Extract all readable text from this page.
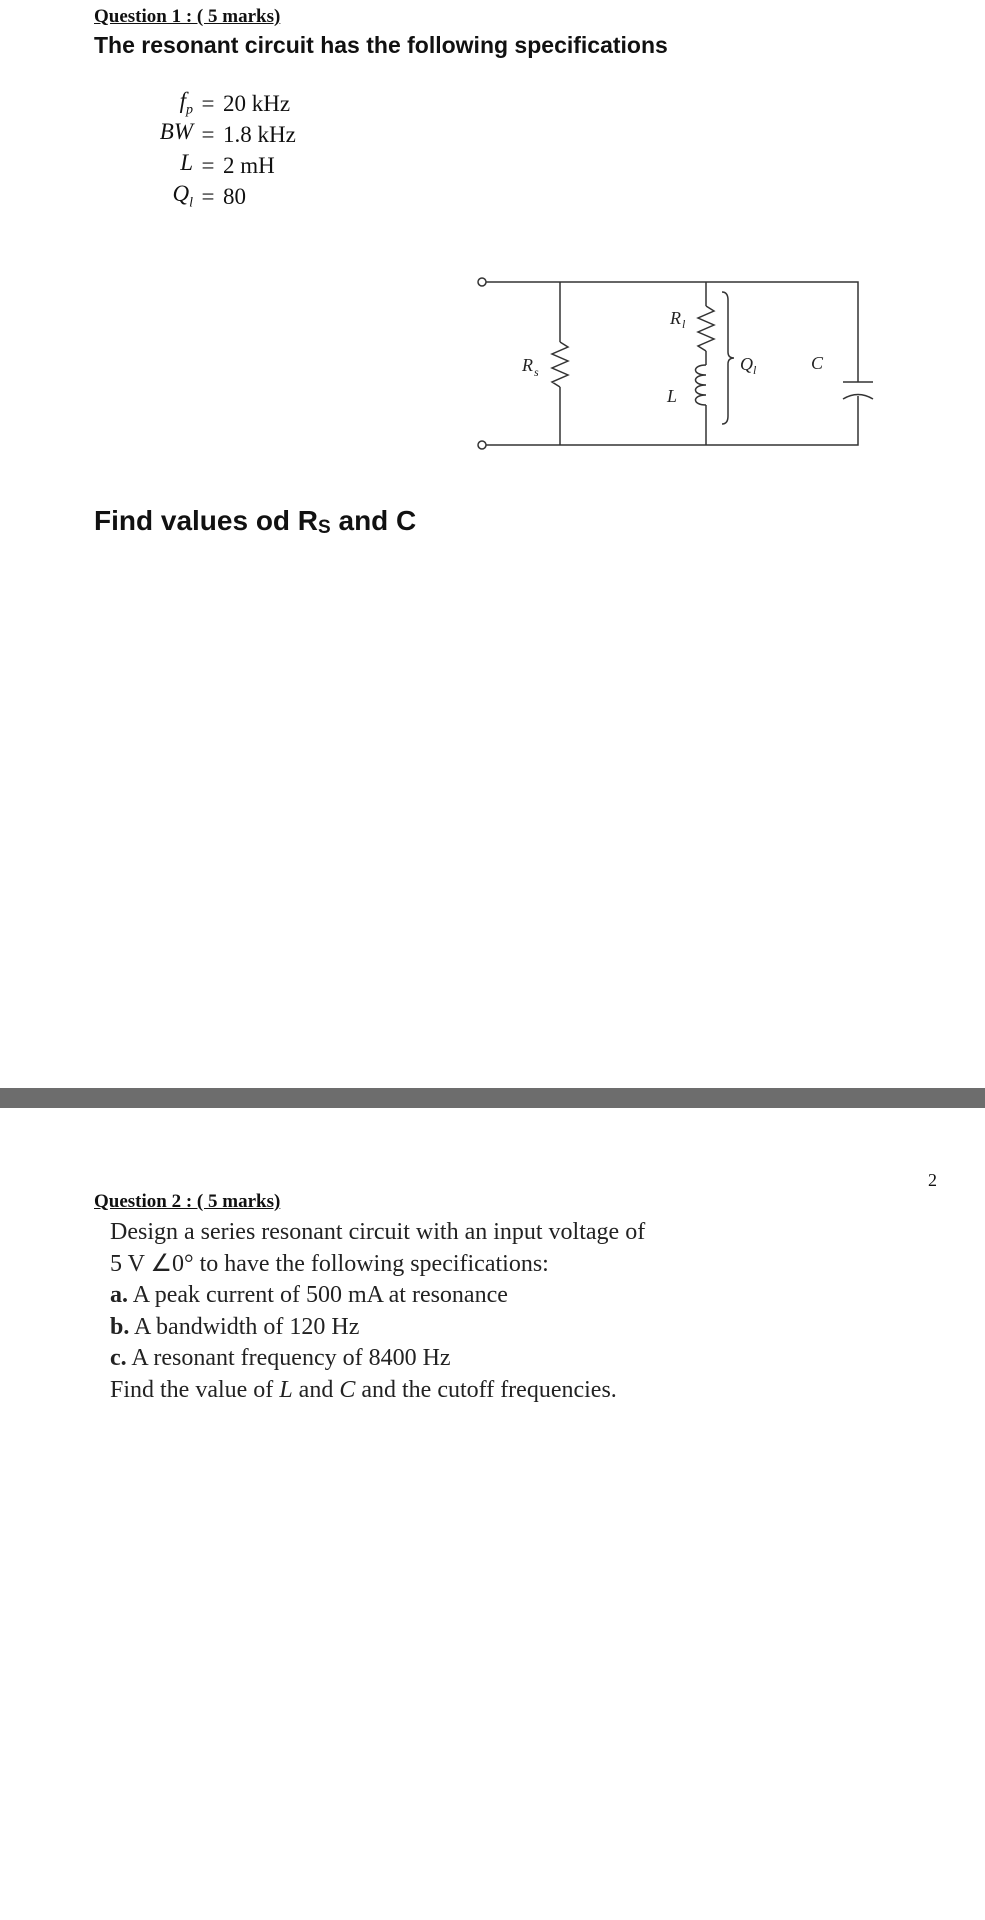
Question 1 : ( 5 marks)
The resonant circuit has the following specifications
$f_p = 20$ kHz
BW = 1.8 kHz
L = 2 mH
$Q_l = 80$
R s
R l
L
Q l	C
Find values od RS and C
2
Question 2 : ( 5 marks)
Design a series resonant circuit with an input voltage of
5 V ∠0° to have the following specifications:
a. A peak current of 500 mA at resonance
b. A bandwidth of 120 Hz
c. A resonant frequency of 8400 Hz
Find the value of L and C and the cutoff frequencies.
